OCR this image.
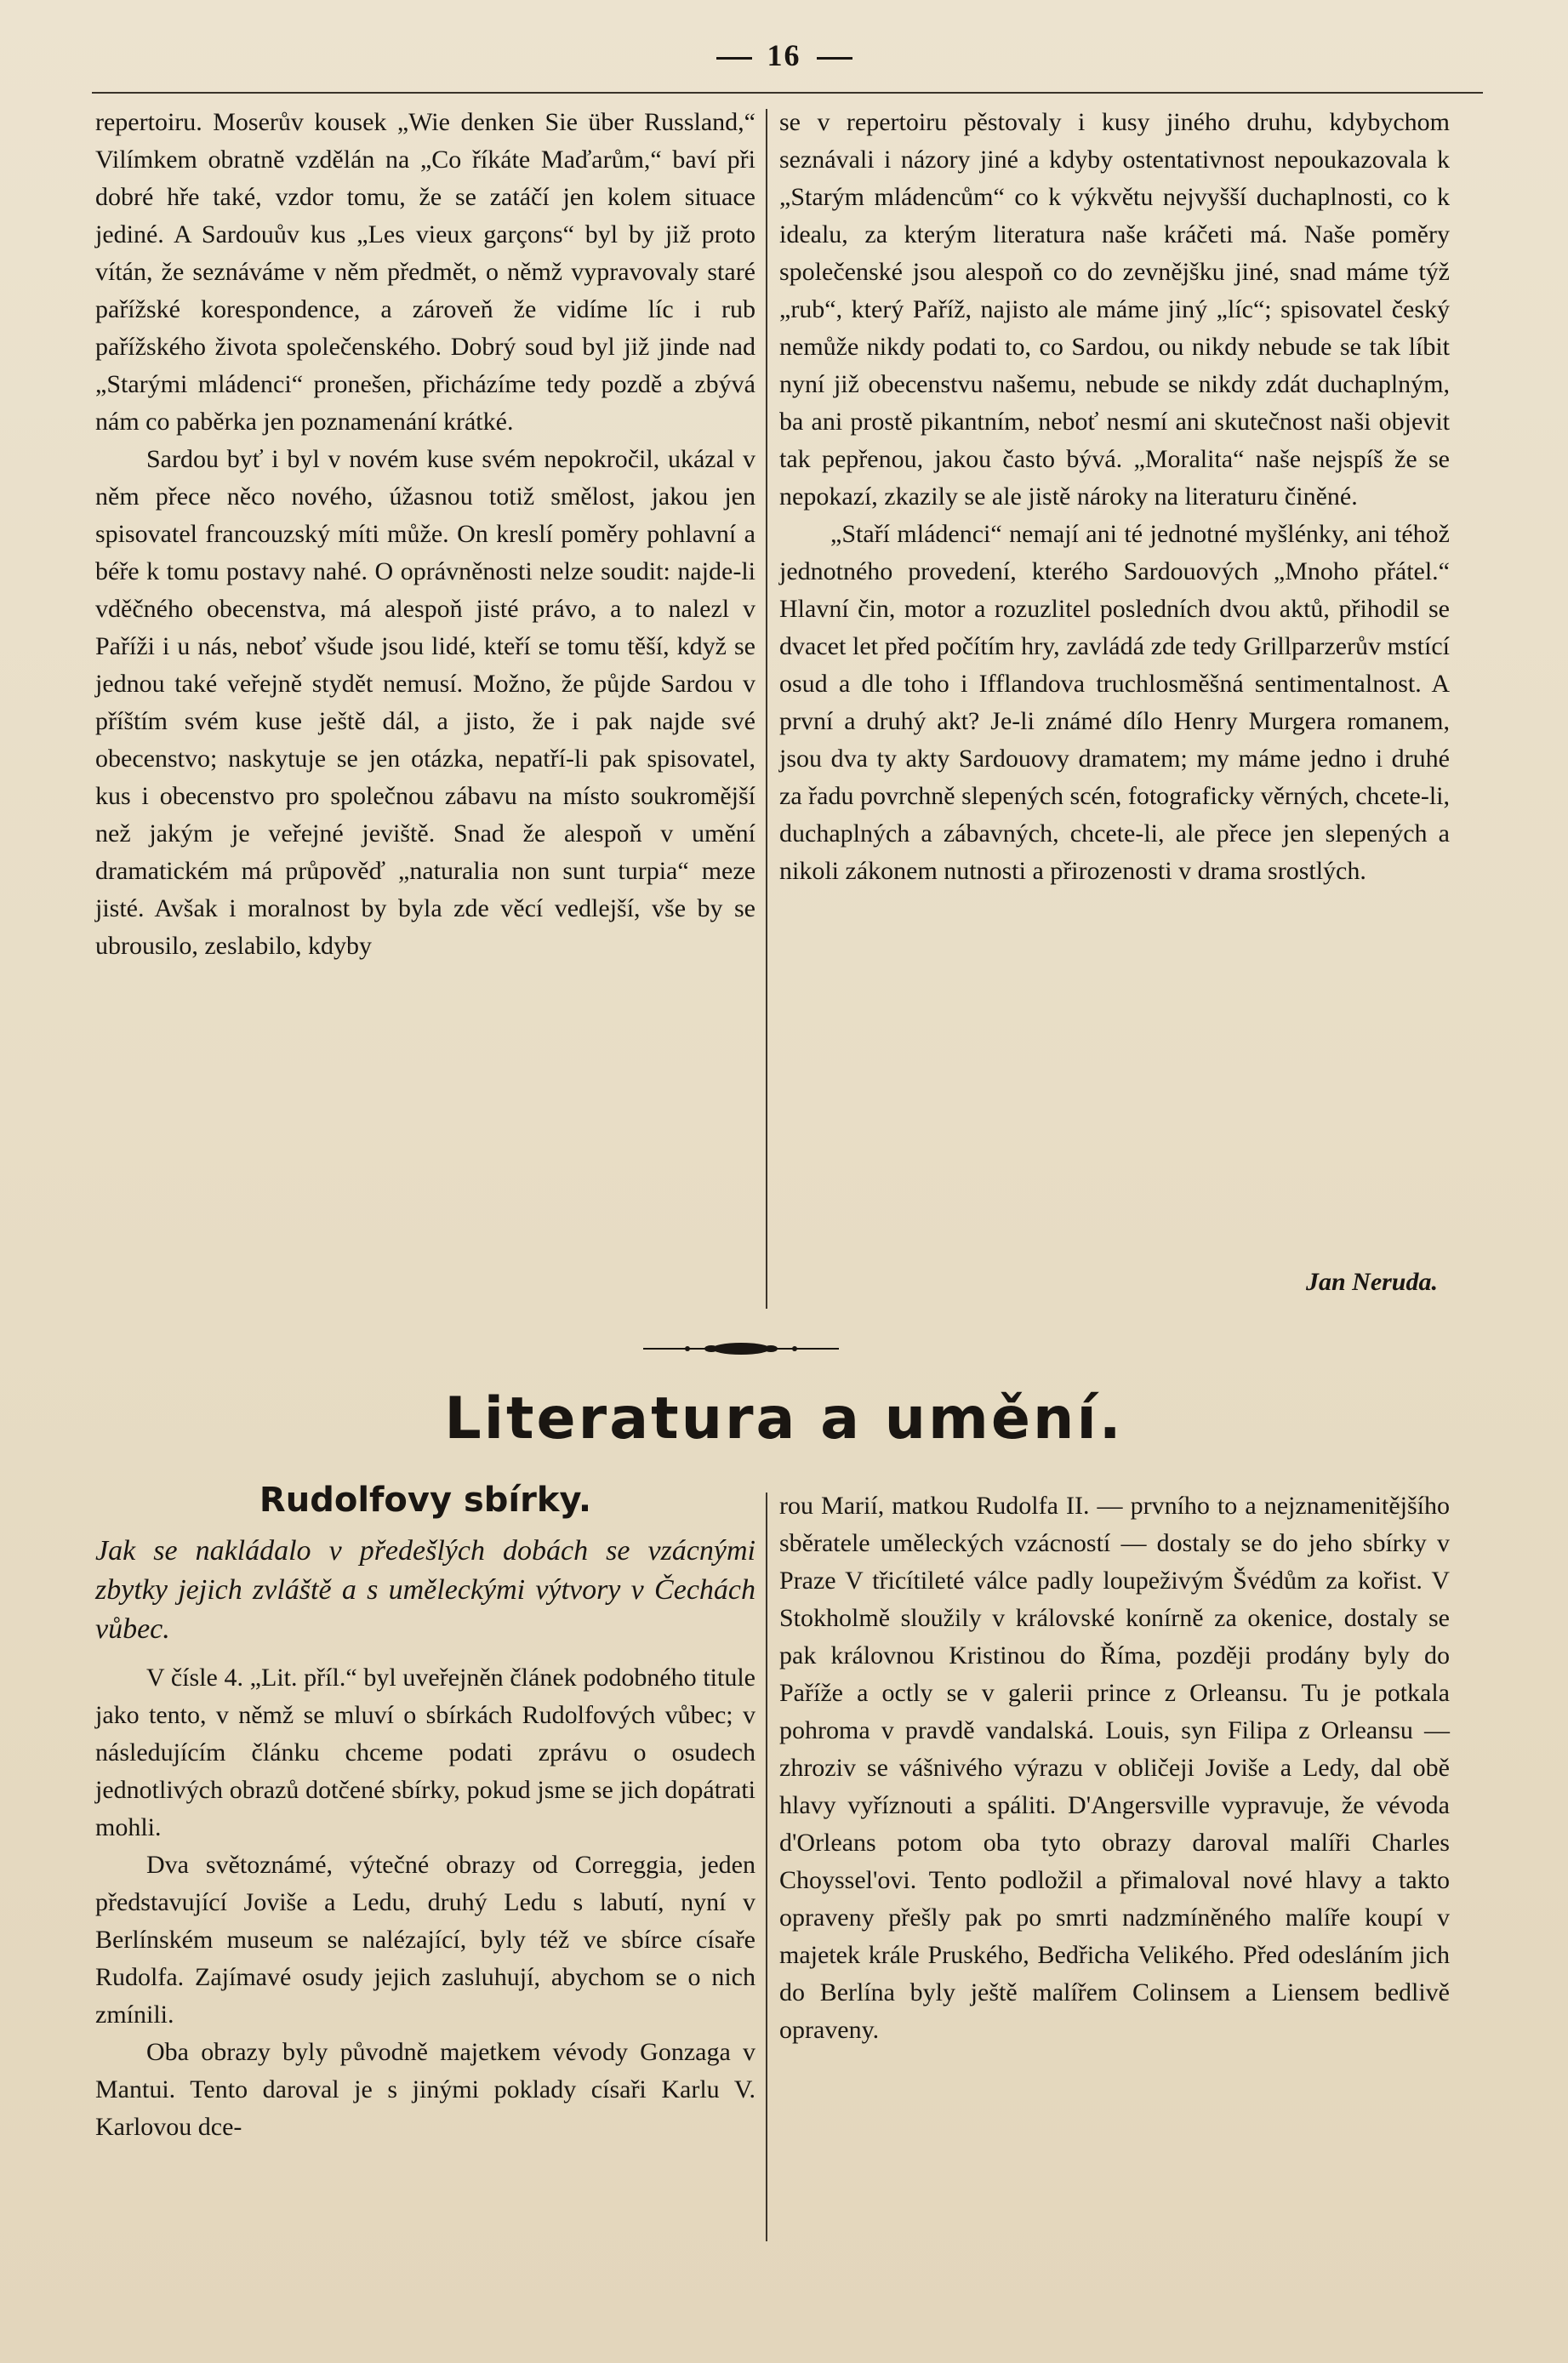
16

repertoiru. Moserův kousek „Wie denken Sie über Russland,“ Vilímkem obratně vzdělán na „Co říkáte Maďarům,“ baví při dobré hře také, vzdor tomu, že se zatáčí jen kolem situace jediné. A Sardouův kus „Les vieux garçons“ byl by již proto vítán, že seznáváme v něm předmět, o němž vypravovaly staré pařížské korespondence, a zároveň že vidíme líc i rub pařížského života společenského. Dobrý soud byl již jinde nad „Starými mládenci“ pronešen, přicházíme tedy pozdě a zbývá nám co paběrka jen poznamenání krátké.

Sardou byť i byl v novém kuse svém nepokročil, ukázal v něm přece něco nového, úžasnou totiž smělost, jakou jen spisovatel francouzský míti může. On kreslí poměry pohlavní a béře k tomu postavy nahé. O oprávněnosti nelze soudit: najde-li vděčného obecenstva, má alespoň jisté právo, a to nalezl v Paříži i u nás, neboť všude jsou lidé, kteří se tomu těší, když se jednou také veřejně stydět nemusí. Možno, že půjde Sardou v příštím svém kuse ještě dál, a jisto, že i pak najde své obecenstvo; naskytuje se jen otázka, nepatří-li pak spisovatel, kus i obecenstvo pro společnou zábavu na místo soukromější než jakým je veřejné jeviště. Snad že alespoň v umění dramatickém má průpověď „naturalia non sunt turpia“ meze jisté. Avšak i moralnost by byla zde věcí vedlejší, vše by se ubrousilo, zeslabilo, kdyby

se v repertoiru pěstovaly i kusy jiného druhu, kdybychom seznávali i názory jiné a kdyby ostentativnost nepoukazovala k „Starým mládencům“ co k výkvětu nejvyšší duchaplnosti, co k idealu, za kterým literatura naše kráčeti má. Naše poměry společenské jsou alespoň co do zevnějšku jiné, snad máme týž „rub“, který Paříž, najisto ale máme jiný „líc“; spisovatel český nemůže nikdy podati to, co Sardou, ou nikdy nebude se tak líbit nyní již obecenstvu našemu, nebude se nikdy zdát duchaplným, ba ani prostě pikantním, neboť nesmí ani skutečnost naši objevit tak pepřenou, jakou často bývá. „Moralita“ naše nejspíš že se nepokazí, zkazily se ale jistě nároky na literaturu činěné.

„Staří mládenci“ nemají ani té jednotné myšlénky, ani téhož jednotného provedení, kterého Sardouových „Mnoho přátel.“ Hlavní čin, motor a rozuzlitel posledních dvou aktů, přihodil se dvacet let před počítím hry, zavládá zde tedy Grillparzerův mstící osud a dle toho i Ifflandova truchlosměšná sentimentalnost. A první a druhý akt? Je-li známé dílo Henry Murgera romanem, jsou dva ty akty Sardouovy dramatem; my máme jedno i druhé za řadu povrchně slepených scén, fotograficky věrných, chcete-li, duchaplných a zábavných, chcete-li, ale přece jen slepených a nikoli zákonem nutnosti a přirozenosti v drama srostlých.

Jan Neruda.
Literatura a umění.
Rudolfovy sbírky.
Jak se nakládalo v předešlých dobách se vzácnými zbytky jejich zvláště a s uměleckými výtvory v Čechách vůbec.

V čísle 4. „Lit. příl.“ byl uveřejněn článek podobného titule jako tento, v němž se mluví o sbírkách Rudolfových vůbec; v následujícím článku chceme podati zprávu o osudech jednotlivých obrazů dotčené sbírky, pokud jsme se jich dopátrati mohli.

Dva světoznámé, výtečné obrazy od Correggia, jeden představující Joviše a Ledu, druhý Ledu s labutí, nyní v Berlínském museum se nalézající, byly též ve sbírce císaře Rudolfa. Zajímavé osudy jejich zasluhují, abychom se o nich zmínili.

Oba obrazy byly původně majetkem vévody Gonzaga v Mantui. Tento daroval je s jinými poklady císaři Karlu V. Karlovou dce-

rou Marií, matkou Rudolfa II. — prvního to a nejznamenitějšího sběratele uměleckých vzácností — dostaly se do jeho sbírky v Praze V třicítileté válce padly loupeživým Švédům za kořist. V Stokholmě sloužily v královské konírně za okenice, dostaly se pak královnou Kristinou do Říma, později prodány byly do Paříže a octly se v galerii prince z Orleansu. Tu je potkala pohroma v pravdě vandalská. Louis, syn Filipa z Orleansu — zhroziv se vášnivého výrazu v obličeji Joviše a Ledy, dal obě hlavy vyříznouti a spáliti. D'Angersville vypravuje, že vévoda d'Orleans potom oba tyto obrazy daroval malíři Charles Choyssel'ovi. Tento podložil a přimaloval nové hlavy a takto opraveny přešly pak po smrti nadzmíněného malíře koupí v majetek krále Pruského, Bedřicha Velikého. Před odesláním jich do Berlína byly ještě malířem Colinsem a Liensem bedlivě opraveny.
